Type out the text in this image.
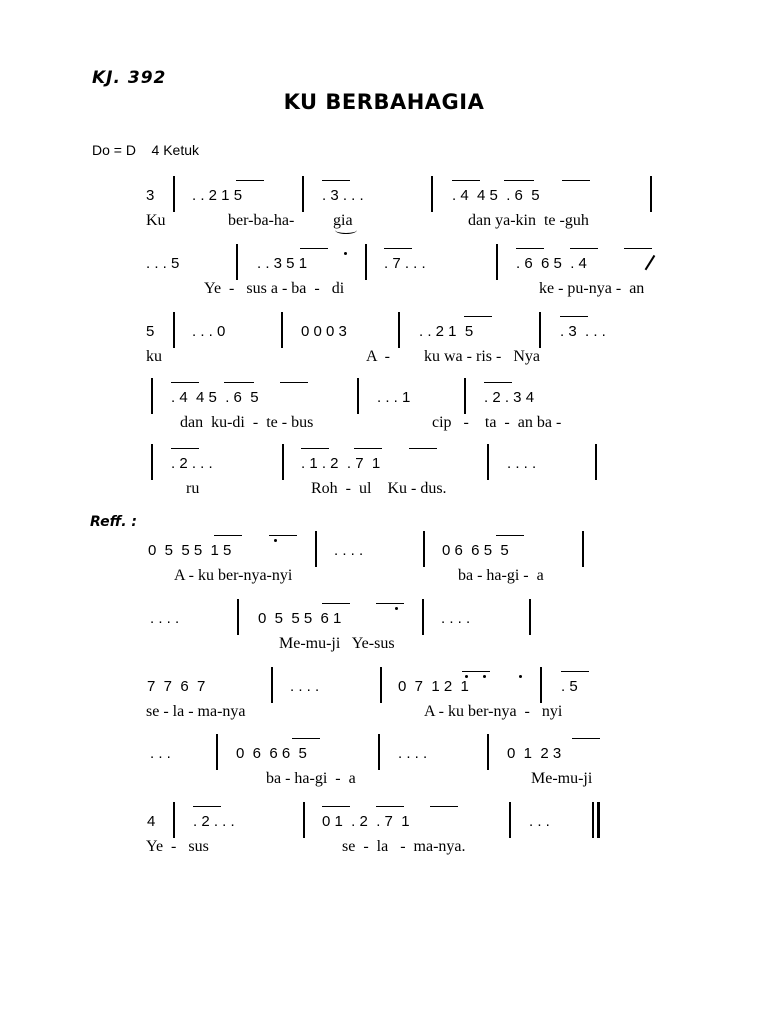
KJ. 392
KU BERBAHAGIA
Do = D    4 Ketuk
3	. . 2 1 5	. 3 . . .	. 4  4 5  . 6  5
Ku	ber-ba-ha- gia	dan ya-kin  te -guh
. . . 5	. . 3 5 1	. 7 . . .	. 6  6 5  . 4
Ye  -   sus a - ba  -   di	ke - pu-nya -  an
5	. . . 0	0 0 0 3	. . 2 1  5	. 3  . . .
ku	A  - ku wa - ris -   Nya
. 4  4 5  . 6  5	. . . 1	. 2 . 3 4
dan  ku-di  -  te - bus	cip   -    ta  -  an ba -
. 2 . . .	. 1 . 2  . 7  1	. . . .
ru	Roh  -  ul    Ku - dus.
Reff. :
0  5  5 5  1 5	. . . .	0 6  6 5  5
A - ku ber-nya-nyi	ba - ha-gi -  a
. . . .	0  5  5 5  6 1	. . . .
Me-mu-ji   Ye-sus
7  7  6  7	. . . .	0  7  1 2  1	. 5
se - la - ma-nya	A - ku ber-nya  -   nyi
. . .	0  6  6 6  5	. . . .	0  1  2 3
ba - ha-gi  -  a	Me-mu-ji
4	. 2 . . .	0 1  . 2  . 7  1	. . .
Ye  -   sus	se  -  la   -  ma-nya.
